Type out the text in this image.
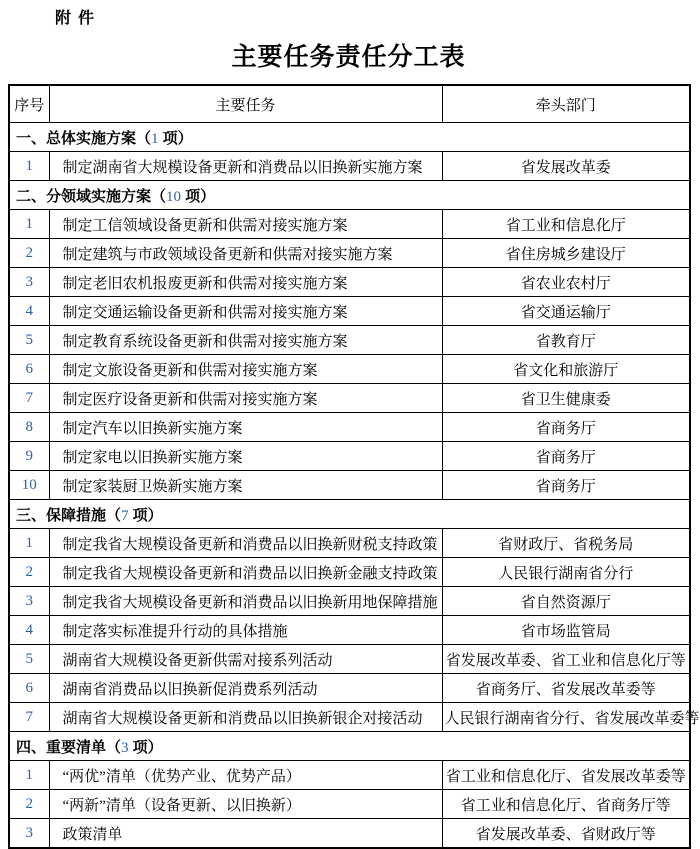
附件
主要任务责任分工表
序号	主要任务	牵头部门
一、总体实施方案（1 项）		
1	制定湖南省大规模设备更新和消费品以旧换新实施方案	省发展改革委
二、分领域实施方案（10 项）		
1	制定工信领域设备更新和供需对接实施方案	省工业和信息化厅
2	制定建筑与市政领域设备更新和供需对接实施方案	省住房城乡建设厅
3	制定老旧农机报废更新和供需对接实施方案	省农业农村厅
4	制定交通运输设备更新和供需对接实施方案	省交通运输厅
5	制定教育系统设备更新和供需对接实施方案	省教育厅
6	制定文旅设备更新和供需对接实施方案	省文化和旅游厅
7	制定医疗设备更新和供需对接实施方案	省卫生健康委
8	制定汽车以旧换新实施方案	省商务厅
9	制定家电以旧换新实施方案	省商务厅
10	制定家装厨卫焕新实施方案	省商务厅
三、保障措施（7 项）		
1	制定我省大规模设备更新和消费品以旧换新财税支持政策	省财政厅、省税务局
2	制定我省大规模设备更新和消费品以旧换新金融支持政策	人民银行湖南省分行
3	制定我省大规模设备更新和消费品以旧换新用地保障措施	省自然资源厅
4	制定落实标准提升行动的具体措施	省市场监管局
5	湖南省大规模设备更新供需对接系列活动	省发展改革委、省工业和信息化厅等
6	湖南省消费品以旧换新促消费系列活动	省商务厅、省发展改革委等
7	湖南省大规模设备更新和消费品以旧换新银企对接活动	人民银行湖南省分行、省发展改革委等
四、重要清单（3 项）		
1	“两优”清单（优势产业、优势产品）	省工业和信息化厅、省发展改革委等
2	“两新”清单（设备更新、以旧换新）	省工业和信息化厅、省商务厅等
3	政策清单	省发展改革委、省财政厅等
